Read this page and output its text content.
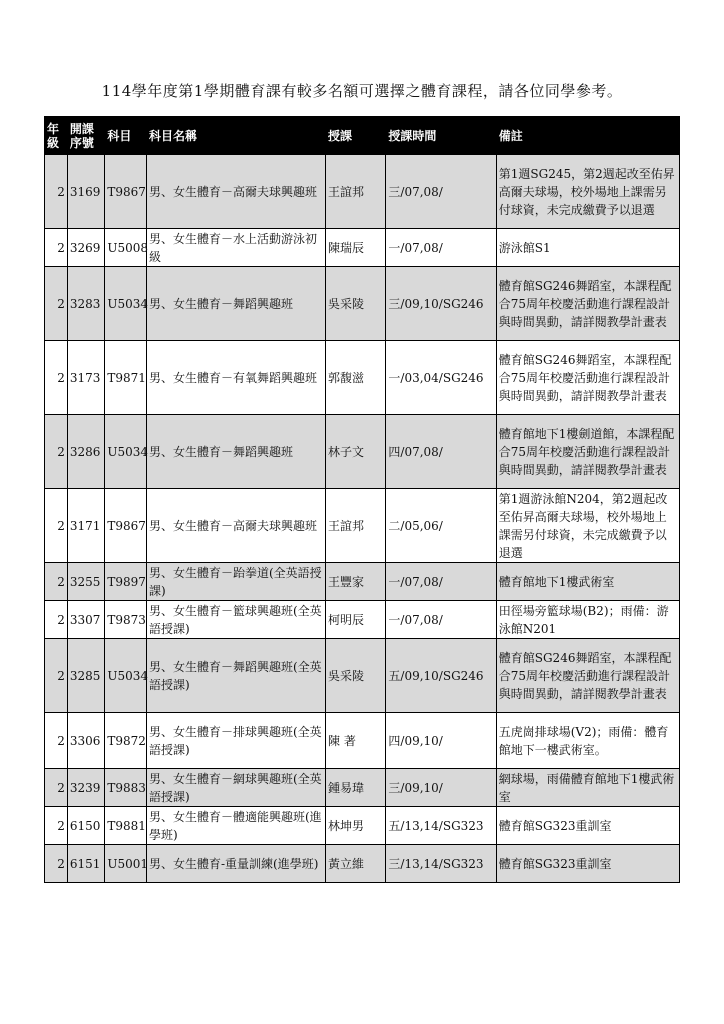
114學年度第1學期體育課有較多名額可選擇之體育課程，請各位同學參考。
年級	開課序號	科目	科目名稱	授課	授課時間	備註
2	3169	T9867	男、女生體育－高爾夫球興趣班	王誼邦	三/07,08/	第1週SG245，第2週起改至佑昇高爾夫球場，校外場地上課需另付球資，未完成繳費予以退選
2	3269	U5008	男、女生體育－水上活動游泳初級	陳瑞辰	一/07,08/	游泳館S1
2	3283	U5034	男、女生體育－舞蹈興趣班	吳采陵	三/09,10/SG246	體育館SG246舞蹈室，本課程配合75周年校慶活動進行課程設計與時間異動，請詳閱教學計畫表
2	3173	T9871	男、女生體育－有氧舞蹈興趣班	郭馥滋	一/03,04/SG246	體育館SG246舞蹈室，本課程配合75周年校慶活動進行課程設計與時間異動，請詳閱教學計畫表
2	3286	U5034	男、女生體育－舞蹈興趣班	林子文	四/07,08/	體育館地下1樓劍道館，本課程配合75周年校慶活動進行課程設計與時間異動，請詳閱教學計畫表
2	3171	T9867	男、女生體育－高爾夫球興趣班	王誼邦	二/05,06/	第1週游泳館N204，第2週起改至佑昇高爾夫球場，校外場地上課需另付球資，未完成繳費予以退選
2	3255	T9897	男、女生體育－跆拳道(全英語授課)	王豐家	一/07,08/	體育館地下1樓武術室
2	3307	T9873	男、女生體育－籃球興趣班(全英語授課)	柯明辰	一/07,08/	田徑場旁籃球場(B2)；雨備：游泳館N201
2	3285	U5034	男、女生體育－舞蹈興趣班(全英語授課)	吳采陵	五/09,10/SG246	體育館SG246舞蹈室，本課程配合75周年校慶活動進行課程設計與時間異動，請詳閱教學計畫表
2	3306	T9872	男、女生體育－排球興趣班(全英語授課)	陳 著	四/09,10/	五虎崗排球場(V2)；雨備：體育館地下一樓武術室。
2	3239	T9883	男、女生體育－網球興趣班(全英語授課)	鍾易瑋	三/09,10/	網球場，雨備體育館地下1樓武術室
2	6150	T9881	男、女生體育－體適能興趣班(進學班)	林坤男	五/13,14/SG323	體育館SG323重訓室
2	6151	U5001	男、女生體育-重量訓練(進學班)	黃立維	三/13,14/SG323	體育館SG323重訓室
